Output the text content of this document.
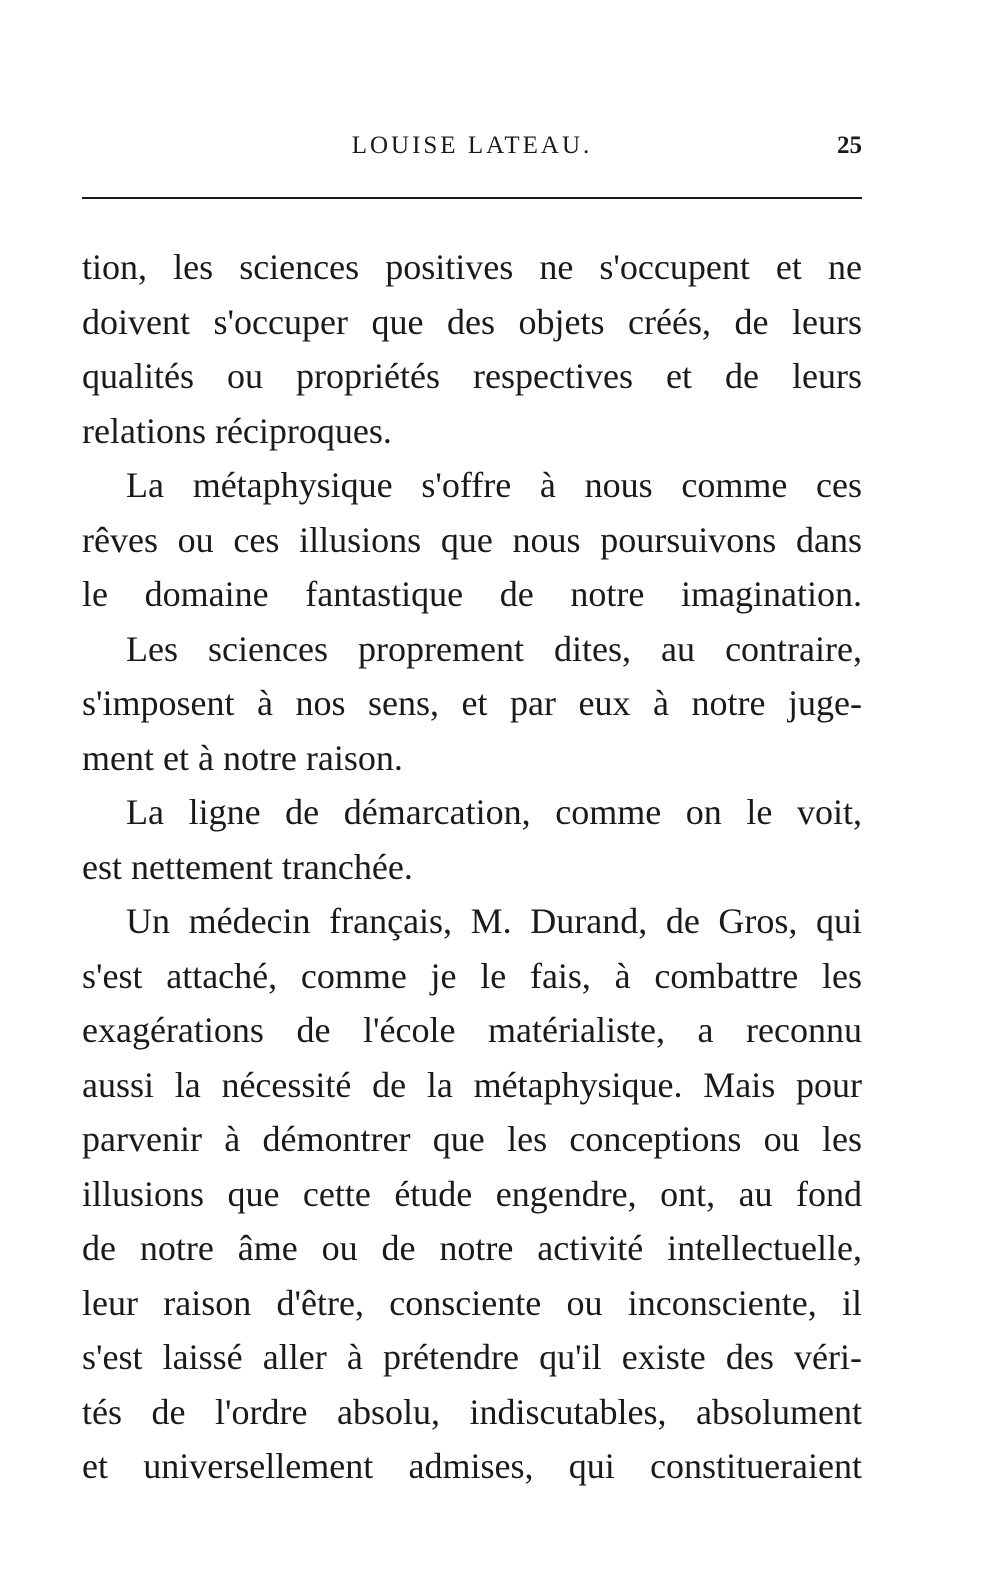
LOUISE LATEAU.	25
tion, les sciences positives ne s'occupent et ne
doivent s'occuper que des objets créés, de leurs
qualités ou propriétés respectives et de leurs
relations réciproques.
La métaphysique s'offre à nous comme ces
rêves ou ces illusions que nous poursuivons dans
le domaine fantastique de notre imagination.
Les sciences proprement dites, au contraire,
s'imposent à nos sens, et par eux à notre juge-
ment et à notre raison.
La ligne de démarcation, comme on le voit,
est nettement tranchée.
Un médecin français, M. Durand, de Gros, qui
s'est attaché, comme je le fais, à combattre les
exagérations de l'école matérialiste, a reconnu
aussi la nécessité de la métaphysique. Mais pour
parvenir à démontrer que les conceptions ou les
illusions que cette étude engendre, ont, au fond
de notre âme ou de notre activité intellectuelle,
leur raison d'être, consciente ou inconsciente, il
s'est laissé aller à prétendre qu'il existe des véri-
tés de l'ordre absolu, indiscutables, absolument
et universellement admises, qui constitueraient
